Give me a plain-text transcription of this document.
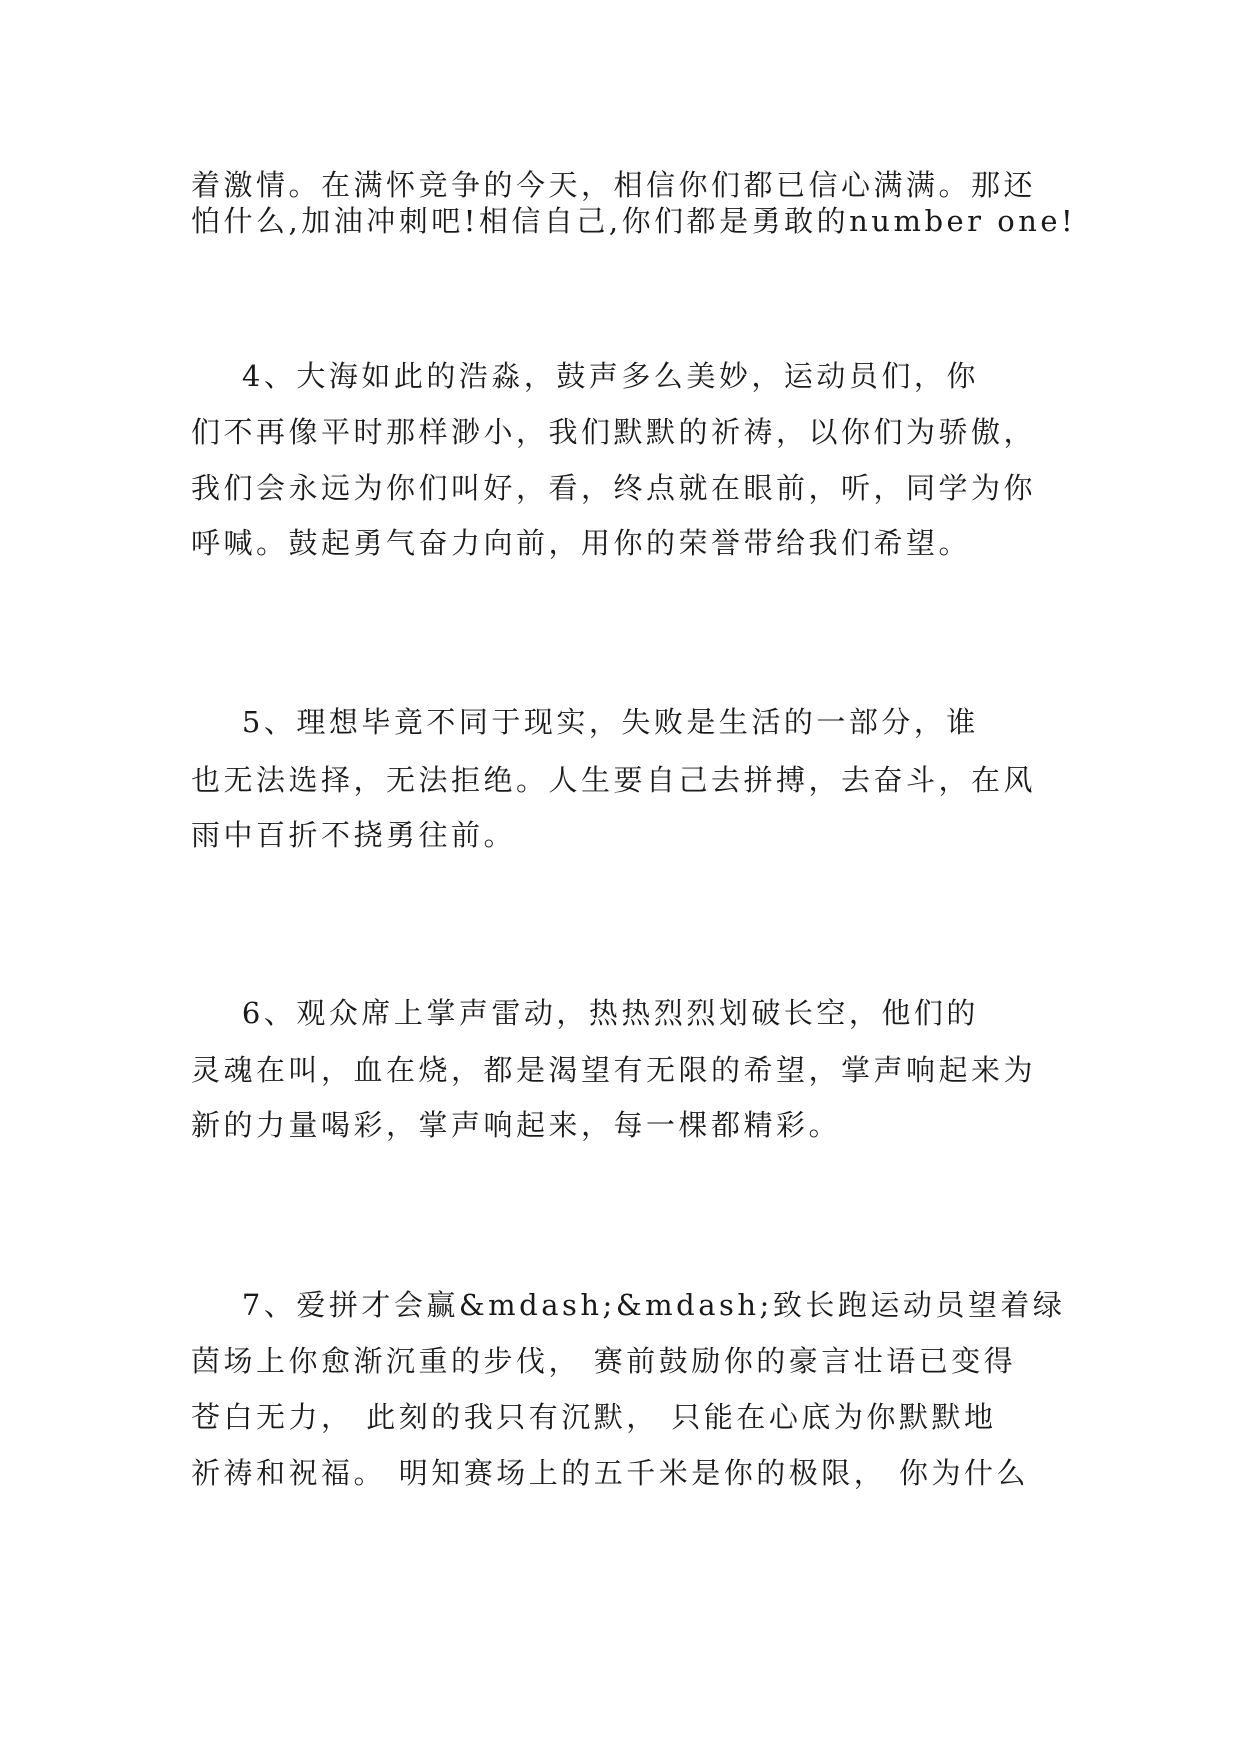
着激情。在满怀竞争的今天，相信你们都已信心满满。那还
怕什么,加油冲刺吧!相信自己,你们都是勇敢的number one!
4、大海如此的浩淼，鼓声多么美妙，运动员们，你
们不再像平时那样渺小，我们默默的祈祷，以你们为骄傲，
我们会永远为你们叫好，看，终点就在眼前，听，同学为你
呼喊。鼓起勇气奋力向前，用你的荣誉带给我们希望。
5、理想毕竟不同于现实，失败是生活的一部分，谁
也无法选择，无法拒绝。人生要自己去拼搏，去奋斗，在风
雨中百折不挠勇往前。
6、观众席上掌声雷动，热热烈烈划破长空，他们的
灵魂在叫，血在烧，都是渴望有无限的希望，掌声响起来为
新的力量喝彩，掌声响起来，每一棵都精彩。
7、爱拼才会赢&mdash;&mdash;致长跑运动员望着绿
茵场上你愈渐沉重的步伐， 赛前鼓励你的豪言壮语已变得
苍白无力， 此刻的我只有沉默， 只能在心底为你默默地
祈祷和祝福。 明知赛场上的五千米是你的极限， 你为什么
